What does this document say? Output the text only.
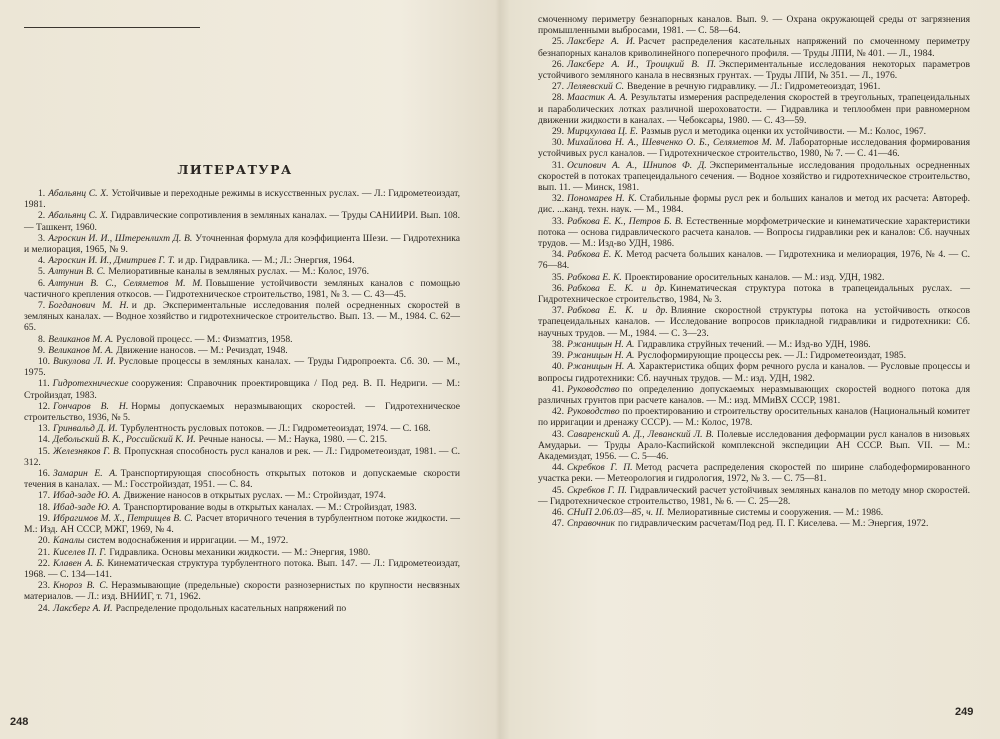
ЛИТЕРАТУРА

1. Абальянц С. Х. Устойчивые и переходные режимы в искусственных руслах. — Л.: Гидрометеоиздат, 1981.

2. Абальянц С. Х. Гидравлические сопротивления в земляных каналах. — Труды САНИИРИ. Вып. 108. — Ташкент, 1960.

3. Агроскин И. И., Штеренлихт Д. В. Уточненная формула для коэффициента Шези. — Гидротехника и мелиорация, 1965, № 9.

4. Агроскин И. И., Дмитриев Г. Т. и др. Гидравлика. — М.; Л.: Энергия, 1964.

5. Алтунин В. С. Мелиоративные каналы в земляных руслах. — М.: Колос, 1976.

6. Алтунин В. С., Селяметов М. М. Повышение устойчивости земляных каналов с помощью частичного крепления откосов. — Гидротехническое строительство, 1981, № 3. — С. 43—45.

7. Богданович М. Н. и др. Экспериментальные исследования полей осредненных скоростей в земляных каналах. — Водное хозяйство и гидротехническое строительство. Вып. 13. — М., 1984. С. 62—65.

8. Великанов М. А. Русловой процесс. — М.: Физматгиз, 1958.

9. Великанов М. А. Движение наносов. — М.: Речиздат, 1948.

10. Викулова Л. И. Русловые процессы в земляных каналах. — Труды Гидропроекта. Сб. 30. — М., 1975.

11. Гидротехнические сооружения: Справочник проектировщика / Под ред. В. П. Недриги. — М.: Стройиздат, 1983.

12. Гончаров В. Н. Нормы допускаемых неразмывающих скоростей. — Гидротехническое строительство, 1936, № 5.

13. Гринвальд Д. И. Турбулентность русловых потоков. — Л.: Гидрометеоиздат, 1974. — С. 168.

14. Дебольский В. К., Российский К. И. Речные наносы. — М.: Наука, 1980. — С. 215.

15. Железняков Г. В. Пропускная способность русл каналов и рек. — Л.: Гидрометеоиздат, 1981. — С. 312.

16. Замарин Е. А. Транспортирующая способность открытых потоков и допускаемые скорости течения в каналах. — М.: Госстройиздат, 1951. — С. 84.

17. Ибад-заде Ю. А. Движение наносов в открытых руслах. — М.: Стройиздат, 1974.

18. Ибад-заде Ю. А. Транспортирование воды в открытых каналах. — М.: Стройиздат, 1983.

19. Ибрагимов М. Х., Петрищев В. С. Расчет вторичного течения в турбулентном потоке жидкости. — М.: Изд. АН СССР, МЖГ, 1969, № 4.

20. Каналы систем водоснабжения и ирригации. — М., 1972.

21. Киселев П. Г. Гидравлика. Основы механики жидкости. — М.: Энергия, 1980.

22. Клавен А. Б. Кинематическая структура турбулентного потока. Вып. 147. — Л.: Гидрометеоиздат, 1968. — С. 134—141.

23. Кнороз В. С. Неразмывающие (предельные) скорости разнозернистых по крупности несвязных материалов. — Л.: изд. ВНИИГ, т. 71, 1962.

24. Лаксберг А. И. Распределение продольных касательных напряжений по

248

смоченному периметру безнапорных каналов. Вып. 9. — Охрана окружающей среды от загрязнения промышленными выбросами, 1981. — С. 58—64.

25. Лаксберг А. И. Расчет распределения касательных напряжений по смоченному периметру безнапорных каналов криволинейного поперечного профиля. — Труды ЛПИ, № 401. — Л., 1984.

26. Лаксберг А. И., Троицкий В. П. Экспериментальные исследования некоторых параметров устойчивого земляного канала в несвязных грунтах. — Труды ЛПИ, № 351. — Л., 1976.

27. Леляевский С. Введение в речную гидравлику. — Л.: Гидрометеоиздат, 1961.

28. Маастик А. А. Результаты измерения распределения скоростей в треугольных, трапецеидальных и параболических лотках различной шероховатости. — Гидравлика и теплообмен при равномерном движении жидкости в каналах. — Чебоксары, 1980. — С. 43—59.

29. Мирцхулава Ц. Е. Размыв русл и методика оценки их устойчивости. — М.: Колос, 1967.

30. Михайлова Н. А., Шевченко О. Б., Селяметов М. М. Лабораторные исследования формирования устойчивых русл каналов. — Гидротехническое строительство, 1980, № 7. — С. 41—46.

31. Осипович А. А., Шнипов Ф. Д. Экспериментальные исследования продольных осредненных скоростей в потоках трапецеидального сечения. — Водное хозяйство и гидротехническое строительство, вып. 11. — Минск, 1981.

32. Пономарев Н. К. Стабильные формы русл рек и больших каналов и метод их расчета: Автореф. дис. ...канд. техн. наук. — М., 1984.

33. Рабкова Е. К., Петров Б. В. Естественные морфометрические и кинематические характеристики потока — основа гидравлического расчета каналов. — Вопросы гидравлики рек и каналов: Сб. научных трудов. — М.: Изд-во УДН, 1986.

34. Рабкова Е. К. Метод расчета больших каналов. — Гидротехника и мелиорация, 1976, № 4. — С. 76—84.

35. Рабкова Е. К. Проектирование оросительных каналов. — М.: изд. УДН, 1982.

36. Рабкова Е. К. и др. Кинематическая структура потока в трапецеидальных руслах. — Гидротехническое строительство, 1984, № 3.

37. Рабкова Е. К. и др. Влияние скоростной структуры потока на устойчивость откосов трапецеидальных каналов. — Исследование вопросов прикладной гидравлики и гидротехники: Сб. научных трудов. — М., 1984. — С. 3—23.

38. Ржаницын Н. А. Гидравлика струйных течений. — М.: Изд-во УДН, 1986.

39. Ржаницын Н. А. Руслоформирующие процессы рек. — Л.: Гидрометеоиздат, 1985.

40. Ржаницын Н. А. Характеристика общих форм речного русла и каналов. — Русловые процессы и вопросы гидротехники: Сб. научных трудов. — М.: изд. УДН, 1982.

41. Руководство по определению допускаемых неразмывающих скоростей водного потока для различных грунтов при расчете каналов. — М.: изд. ММиВХ СССР, 1981.

42. Руководство по проектированию и строительству оросительных каналов (Национальный комитет по ирригации и дренажу СССР). — М.: Колос, 1978.

43. Саваренский А. Д., Леванский Л. В. Полевые исследования деформации русл каналов в низовьях Амударьи. — Труды Арало-Каспийской комплексной экспедиции АН СССР. Вып. VII. — М.: Академиздат, 1956. — С. 5—46.

44. Скребков Г. П. Метод расчета распределения скоростей по ширине слабодеформированного участка реки. — Метеорология и гидрология, 1972, № 3. — С. 75—81.

45. Скребков Г. П. Гидравлический расчет устойчивых земляных каналов по методу мнор скоростей. — Гидротехническое строительство, 1981, № 6. — С. 25—28.

46. СНиП 2.06.03—85, ч. II. Мелиоративные системы и сооружения. — М.: 1986.

47. Справочник по гидравлическим расчетам/Под ред. П. Г. Киселева. — М.: Энергия, 1972.

249
